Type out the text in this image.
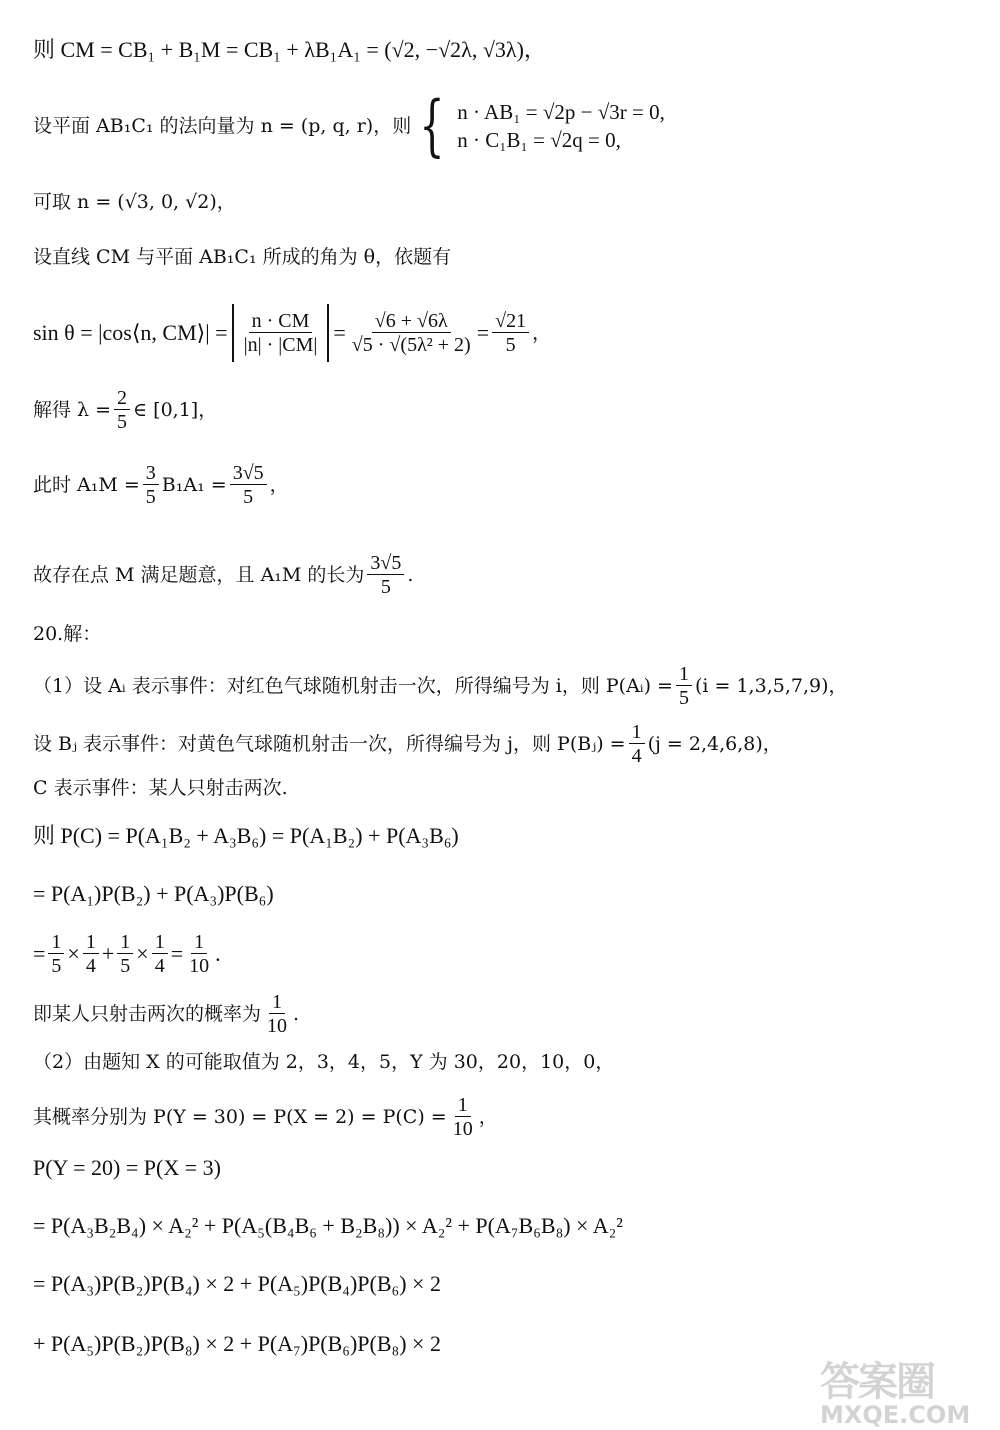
则 CM = CB₁ + B₁M = CB₁ + λB₁A₁ = (√2, −√2λ, √3λ)，
设平面 AB₁C₁ 的法向量为 n = (p, q, r)，则 { n · AB₁ = √2p − √3r = 0,
n · C₁B₁ = √2q = 0,
可取 n = (√3, 0, √2)，
设直线 CM 与平面 AB₁C₁ 所成的角为 θ，依题有
sin θ = |cos⟨n, CM⟩| = $\frac{n \cdot CM}{|n| \cdot |CM|} = \frac{√6 + √6\lambda}{\text{√5 · √(5λ² + 2)}} = \frac{√21}{5}$ ，
解得 $\lambda = \frac{2}{5}$ ∈ [0,1]，
此时 $A_1M = \frac{3}{5} B_1A_1 = \frac{3√5}{5}$ ，
故存在点 M 满足题意，且 A₁M 的长为 $\frac{3√5}{5}$ .
20.解：
（1）设 Aᵢ 表示事件：对红色气球随机射击一次，所得编号为 i，则 P(Aᵢ) = $\frac{1}{5} (i = 1,3,5,7,9)$，
设 Bⱼ 表示事件：对黄色气球随机射击一次，所得编号为 j，则 P(Bⱼ) = $\frac{1}{4} (j = 2,4,6,8)$，
C 表示事件：某人只射击两次.
则 P(C) = P(A₁B₂ + A₃B₆) = P(A₁B₂) + P(A₃B₆)
= P(A₁)P(B₂) + P(A₃)P(B₆)
= $\frac{1}{5} \times \frac{1}{4} + \frac{1}{5} \times \frac{1}{4} = \frac{1}{10}$ .
即某人只射击两次的概率为 $\frac{1}{10}$ .
（2）由题知 X 的可能取值为 2，3，4，5，Y 为 30，20，10，0，
其概率分别为 $P(Y = 30) = P(X = 2) = P(C) = \frac{1}{10}$ ，
P(Y = 20) = P(X = 3)
= P(A₃B₂B₄) × A₂² + P(A₅(B₄B₆ + B₂B₈)) × A₂² + P(A₇B₆B₈) × A₂²
= P(A₃)P(B₂)P(B₄) × 2 + P(A₅)P(B₄)P(B₆) × 2
+ P(A₅)P(B₂)P(B₈) × 2 + P(A₇)P(B₆)P(B₈) × 2
答案圈
MXQE.COM
